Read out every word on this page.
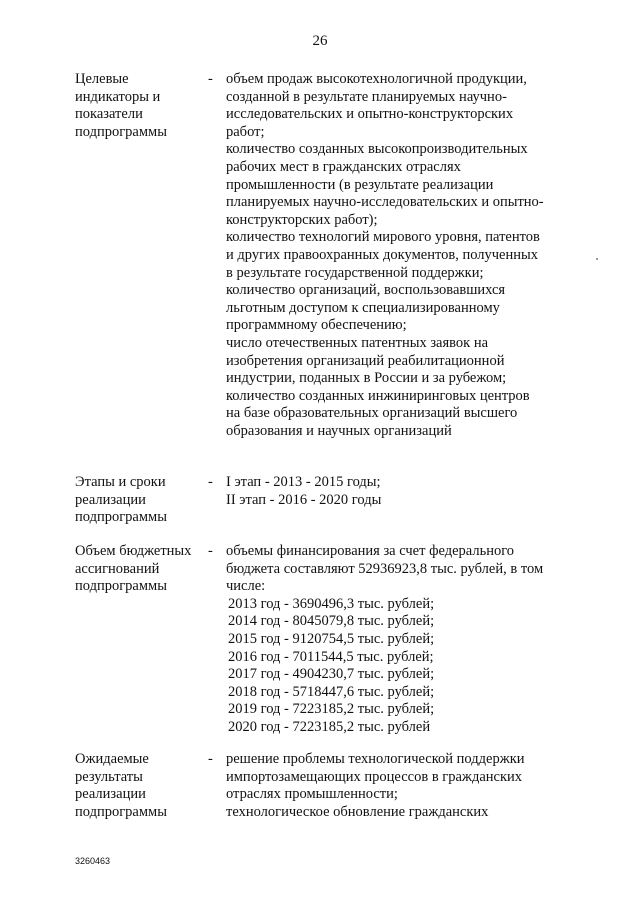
26
Целевые
индикаторы и
показатели
подпрограммы
- объем продаж высокотехнологичной продукции,
созданной в результате планируемых научно-
исследовательских и опытно-конструкторских
работ;
количество созданных высокопроизводительных
рабочих мест в гражданских отраслях
промышленности (в результате реализации
планируемых научно-исследовательских и опытно-
конструкторских работ);
количество технологий мирового уровня, патентов
и других правоохранных документов, полученных
в результате государственной поддержки;
количество организаций, воспользовавшихся
льготным доступом к специализированному
программному обеспечению;
число отечественных патентных заявок на
изобретения организаций реабилитационной
индустрии, поданных в России и за рубежом;
количество созданных инжиниринговых центров
на базе образовательных организаций высшего
образования и научных организаций
Этапы и сроки
реализации
подпрограммы
- I этап - 2013 - 2015 годы;
II этап - 2016 - 2020 годы
Объем бюджетных
ассигнований
подпрограммы
- объемы финансирования за счет федерального
бюджета составляют 52936923,8 тыс. рублей, в том
числе:
2013 год - 3690496,3 тыс. рублей;
2014 год - 8045079,8 тыс. рублей;
2015 год - 9120754,5 тыс. рублей;
2016 год - 7011544,5 тыс. рублей;
2017 год - 4904230,7 тыс. рублей;
2018 год - 5718447,6 тыс. рублей;
2019 год - 7223185,2 тыс. рублей;
2020 год - 7223185,2 тыс. рублей
Ожидаемые
результаты
реализации
подпрограммы
- решение проблемы технологической поддержки
импортозамещающих процессов в гражданских
отраслях промышленности;
технологическое обновление гражданских
3260463
